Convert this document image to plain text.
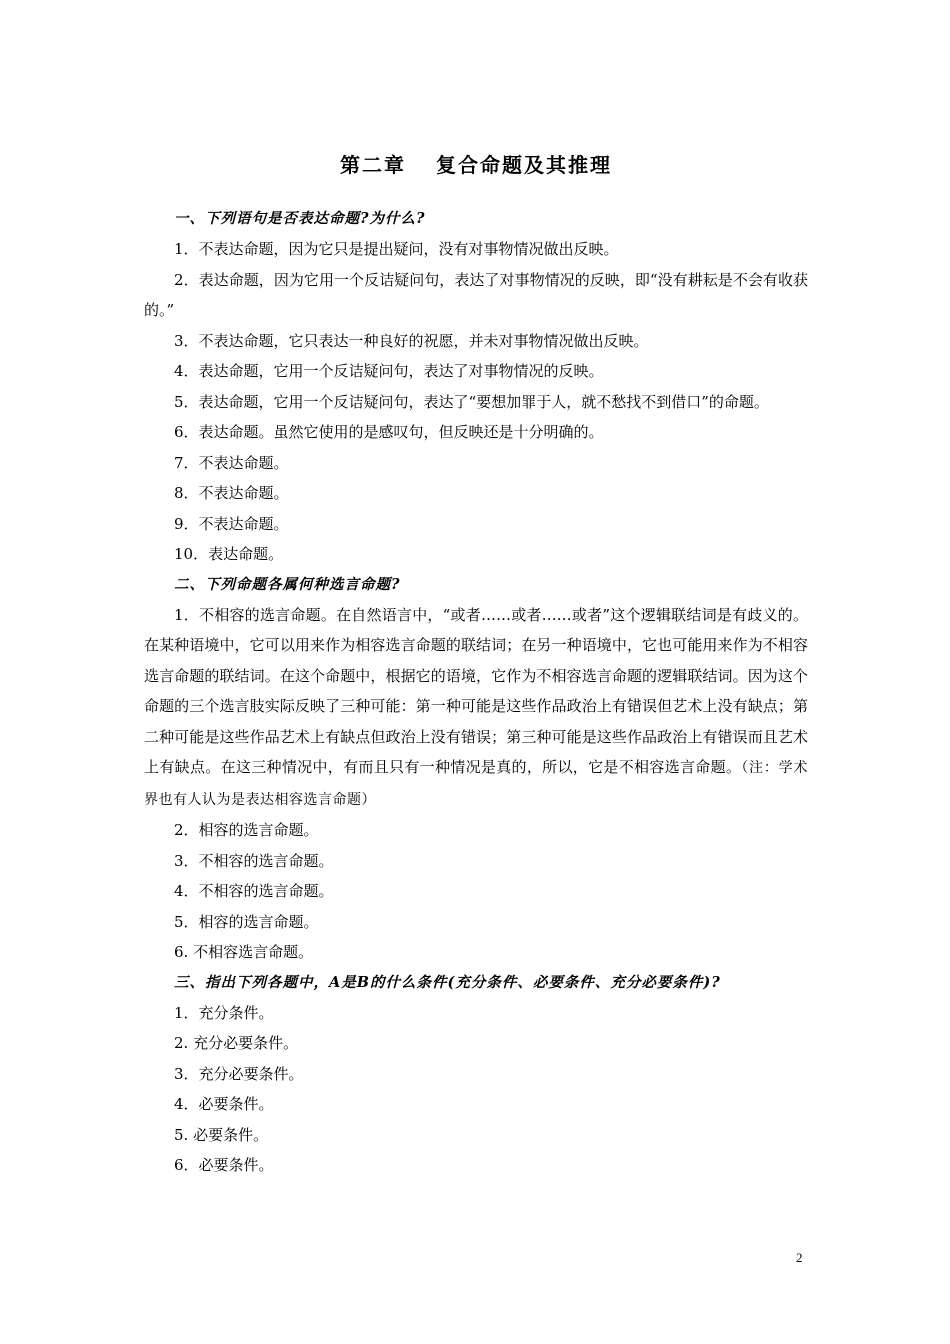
第二章 复合命题及其推理

一、下列语句是否表达命题?为什么?

1．不表达命题，因为它只是提出疑问，没有对事物情况做出反映。

2．表达命题，因为它用一个反诘疑问句，表达了对事物情况的反映，即“没有耕耘是不会有收获的。”

3．不表达命题，它只表达一种良好的祝愿，并未对事物情况做出反映。

4．表达命题，它用一个反诘疑问句，表达了对事物情况的反映。

5．表达命题，它用一个反诘疑问句，表达了“要想加罪于人，就不愁找不到借口”的命题。

6．表达命题。虽然它使用的是感叹句，但反映还是十分明确的。

7．不表达命题。

8．不表达命题。

9．不表达命题。

10．表达命题。

二、下列命题各属何种选言命题?

1．不相容的选言命题。在自然语言中，“或者……或者……或者”这个逻辑联结词是有歧义的。在某种语境中，它可以用来作为相容选言命题的联结词；在另一种语境中，它也可能用来作为不相容选言命题的联结词。在这个命题中，根据它的语境，它作为不相容选言命题的逻辑联结词。因为这个命题的三个选言肢实际反映了三种可能：第一种可能是这些作品政治上有错误但艺术上没有缺点；第二种可能是这些作品艺术上有缺点但政治上没有错误；第三种可能是这些作品政治上有错误而且艺术上有缺点。在这三种情况中，有而且只有一种情况是真的，所以，它是不相容选言命题。（注：学术界也有人认为是表达相容选言命题）

2．相容的选言命题。

3．不相容的选言命题。

4．不相容的选言命题。

5．相容的选言命题。

6. 不相容选言命题。

三、指出下列各题中，A是B的什么条件(充分条件、必要条件、充分必要条件)?

1．充分条件。

2. 充分必要条件。

3．充分必要条件。

4．必要条件。

5. 必要条件。

6．必要条件。

2
